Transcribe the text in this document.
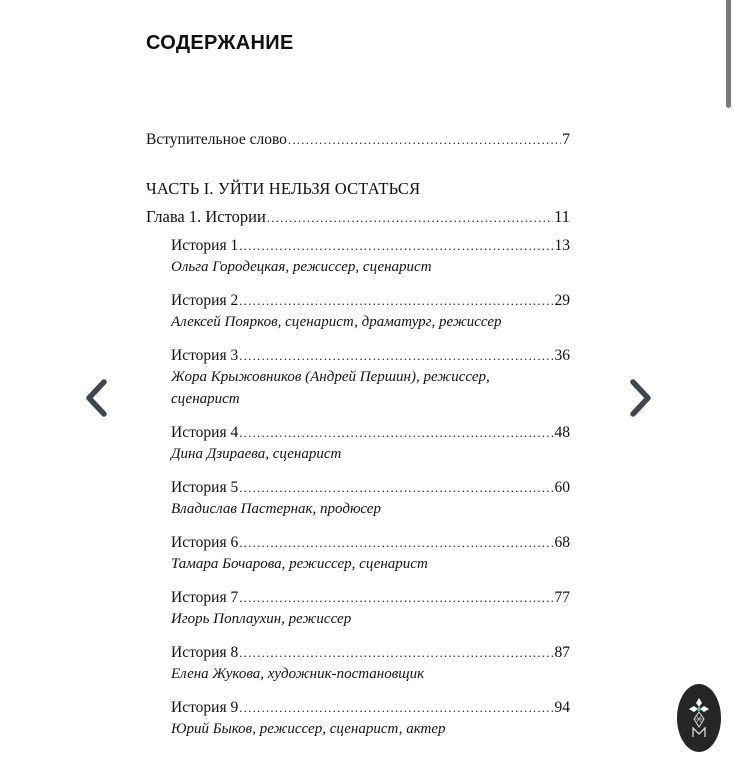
СОДЕРЖАНИЕ
Вступительное слово .....	7
ЧАСТЬ I. УЙТИ НЕЛЬЗЯ ОСТАТЬСЯ
Глава 1. Истории .....	11
История 1 .....	13
Ольга Городецкая, режиссер, сценарист
История 2 .....	29
Алексей Поярков, сценарист, драматург, режиссер
История 3 .....	36
Жора Крыжовников (Андрей Першин), режиссер, сценарист
История 4 .....	48
Дина Дзираева, сценарист
История 5 .....	60
Владислав Пастернак, продюсер
История 6 .....	68
Тамара Бочарова, режиссер, сценарист
История 7 .....	77
Игорь Поплаухин, режиссер
История 8 .....	87
Елена Жукова, художник-постановщик
История 9 .....	94
Юрий Быков, режиссер, сценарист, актер
